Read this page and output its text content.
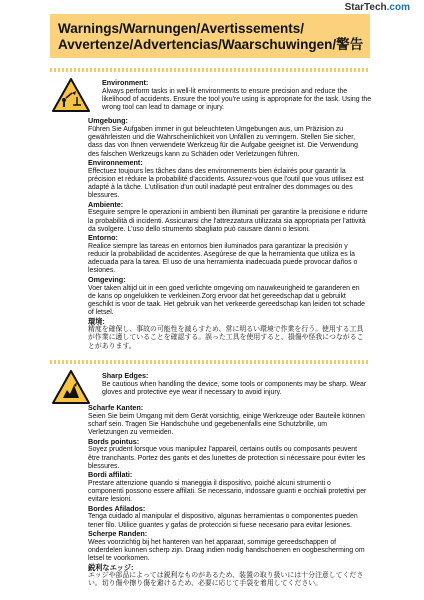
StarTech.com
Warnings/Warnungen/Avertissements/
Avvertenze/Advertencias/Waarschuwingen/警告
Environment:
Always perform tasks in well-lit environments to ensure precision and reduce the likelihood of accidents. Ensure the tool you're using is appropriate for the task. Using the wrong tool can lead to damage or injury.
Umgebung:
Führen Sie Aufgaben immer in gut beleuchteten Umgebungen aus, um Präzision zu gewährleisten und die Wahrscheinlichkeit von Unfällen zu verringern. Stellen Sie sicher, dass das von Ihnen verwendete Werkzeug für die Aufgabe geeignet ist. Die Verwendung des falschen Werkzeugs kann zu Schäden oder Verletzungen führen.
Environnement:
Effectuez toujours les tâches dans des environnements bien éclairés pour garantir la précision et réduire la probabilité d'accidents. Assurez-vous que l'outil que vous utilisez est adapté à la tâche. L'utilisation d'un outil inadapté peut entraîner des dommages ou des blessures.
Ambiente:
Eseguire sempre le operazioni in ambienti ben illuminati per garantire la precisione e ridurre la probabilità di incidenti. Assicurarsi che l'attrezzatura utilizzata sia appropriata per l'attività da svolgere. L'uso dello strumento sbagliato può causare danni o lesioni.
Entorno:
Realice siempre las tareas en entornos bien iluminados para garantizar la precisión y reducir la probabilidad de accidentes. Asegúrese de que la herramienta que utiliza es la adecuada para la tarea. El uso de una herramienta inadecuada puede provocar daños o lesiones.
Omgeving:
Voer taken altijd uit in een goed verlichte omgeving om nauwkeurigheid te garanderen en de kans op ongelukken te verkleinen.Zorg ervoor dat het gereedschap dat u gebruikt geschikt is voor de taak. Het gebruik van het verkeerde gereedschap kan leiden tot schade of letsel.
環境:
精度を確保し、事故の可能性を減らすため、常に明るい環境で作業を行う。使用する工具が作業に適していることを確認する。誤った工具を使用すると、損傷や怪我につながることがあります。
Sharp Edges:
Be cautious when handling the device, some tools or components may be sharp. Wear gloves and protective eye wear if necessary to avoid injury.
Scharfe Kanten:
Seien Sie beim Umgang mit dem Gerät vorsichtig, einige Werkzeuge oder Bauteile können scharf sein. Tragen Sie Handschuhe und gegebenenfalls eine Schutzbrille, um Verletzungen zu vermeiden.
Bords pointus:
Soyez prudent lorsque vous manipulez l'appareil, certains outils ou composants peuvent être tranchants. Portez des gants et des lunettes de protection si nécessaire pour éviter les blessures.
Bordi affilati:
Prestare attenzione quando si maneggia il dispositivo, poiché alcuni strumenti o componenti possono essere affilati. Se necessario, indossare guanti e occhiali protettivi per evitare lesioni.
Bordes Afilados:
Tenga cuidado al manipular el dispositivo, algunas herramientas o componentes pueden tener filo. Utilice guantes y gafas de protección si fuese necesario para evitar lesiones.
Scherpe Randen:
Wees voorzichtig bij het hanteren van het apparaat, sommige gereedschappen of onderdelen kunnen scherp zijn. Draag indien nodig handschoenen en oogbescherming om letsel te voorkomen.
鋭利なエッジ:
エッジや部品によっては鋭利なものがあるため、装置の取り扱いには十分注意してください。切り傷や擦り傷を避けるため、必要に応じて手袋を着用してください。
